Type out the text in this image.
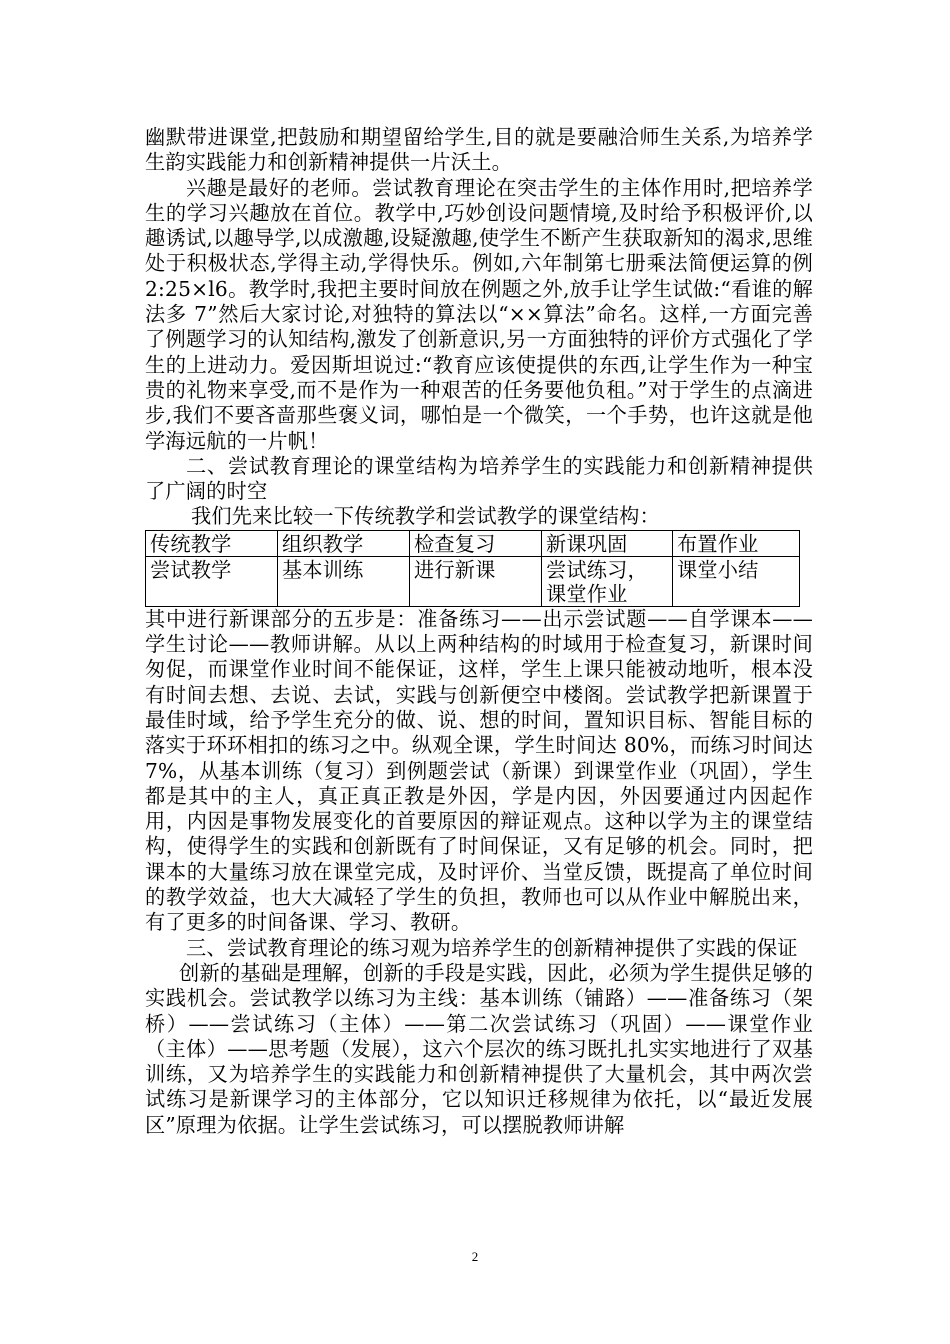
幽默带进课堂,把鼓励和期望留给学生,目的就是要融洽师生关系,为培养学生韵实践能力和创新精神提供一片沃土。

兴趣是最好的老师。尝试教育理论在突击学生的主体作用时,把培养学生的学习兴趣放在首位。教学中,巧妙创设问题情境,及时给予积极评价,以趣诱试,以趣导学,以成激趣,设疑激趣,使学生不断产生获取新知的渴求,思维处于积极状态,学得主动,学得快乐。例如,六年制第七册乘法简便运算的例 2:25×l6。教学时,我把主要时间放在例题之外,放手让学生试做:“看谁的解法多 7”然后大家讨论,对独特的算法以“××算法”命名。这样,一方面完善了例题学习的认知结构,激发了创新意识,另一方面独特的评价方式强化了学生的上进动力。爱因斯坦说过:“教育应该使提供的东西,让学生作为一种宝贵的礼物来享受,而不是作为一种艰苦的任务要他负租。”对于学生的点滴进步,我们不要吝啬那些褒义词，哪怕是一个微笑，一个手势，也许这就是他学海远航的一片帆！

二、尝试教育理论的课堂结构为培养学生的实践能力和创新精神提供了广阔的时空

我们先来比较一下传统教学和尝试教学的课堂结构：

传统教学	组织教学	检查复习	新课巩固	布置作业
尝试教学	基本训练	进行新课	尝试练习，课堂作业	课堂小结

其中进行新课部分的五步是：准备练习——出示尝试题——自学课本——学生讨论——教师讲解。从以上两种结构的时域用于检查复习，新课时间匆促，而课堂作业时间不能保证，这样，学生上课只能被动地听，根本没有时间去想、去说、去试，实践与创新便空中楼阁。尝试教学把新课置于最佳时域，给予学生充分的做、说、想的时间，置知识目标、智能目标的落实于环环相扣的练习之中。纵观全课，学生时间达 80%，而练习时间达 7%，从基本训练（复习）到例题尝试（新课）到课堂作业（巩固），学生都是其中的主人，真正真正教是外因，学是内因，外因要通过内因起作用，内因是事物发展变化的首要原因的辩证观点。这种以学为主的课堂结构，使得学生的实践和创新既有了时间保证，又有足够的机会。同时，把课本的大量练习放在课堂完成，及时评价、当堂反馈，既提高了单位时间的教学效益，也大大减轻了学生的负担，教师也可以从作业中解脱出来，有了更多的时间备课、学习、教研。

三、尝试教育理论的练习观为培养学生的创新精神提供了实践的保证

创新的基础是理解，创新的手段是实践，因此，必须为学生提供足够的实践机会。尝试教学以练习为主线：基本训练（铺路）——准备练习（架桥）——尝试练习（主体）——第二次尝试练习（巩固）——课堂作业（主体）——思考题（发展），这六个层次的练习既扎扎实实地进行了双基训练，又为培养学生的实践能力和创新精神提供了大量机会，其中两次尝试练习是新课学习的主体部分，它以知识迁移规律为依托，以“最近发展区”原理为依据。让学生尝试练习，可以摆脱教师讲解

2
